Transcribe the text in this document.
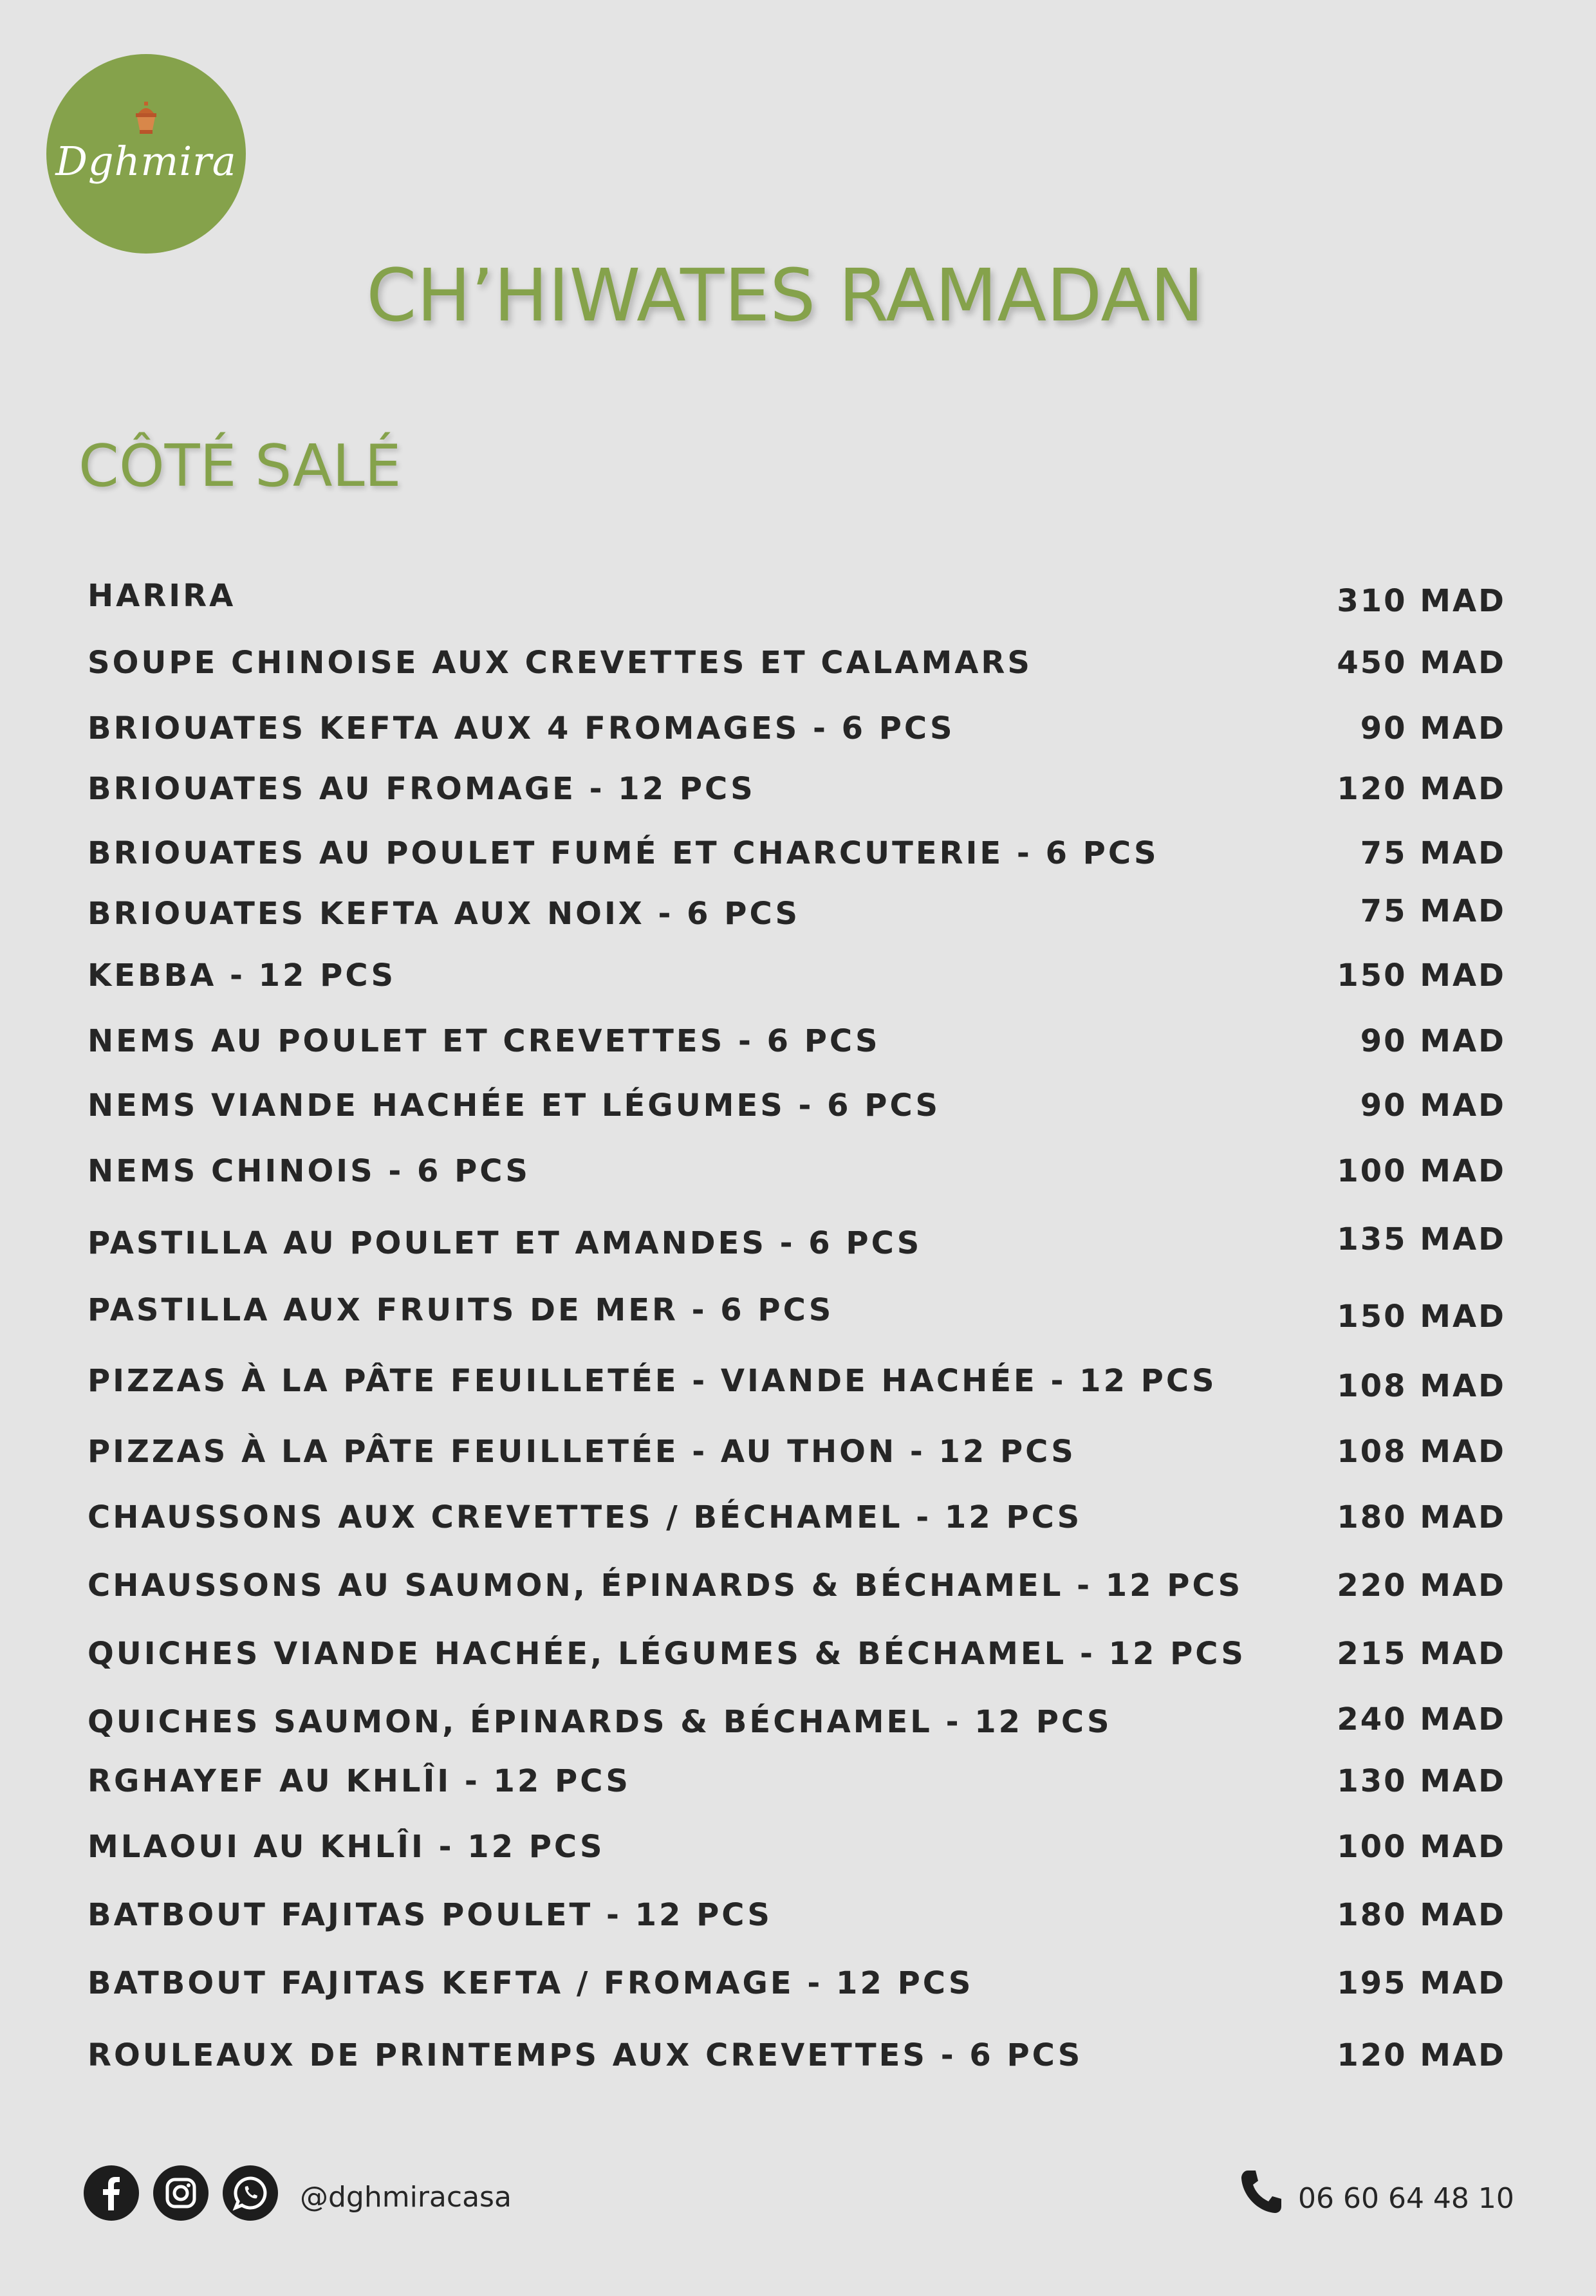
Dghmira
CH’HIWATES RAMADAN
CÔTÉ SALÉ
HARIRA	310 MAD
SOUPE CHINOISE AUX CREVETTES ET CALAMARS	450 MAD
BRIOUATES KEFTA AUX 4 FROMAGES - 6 PCS	90 MAD
BRIOUATES AU FROMAGE - 12 PCS	120 MAD
BRIOUATES AU POULET FUMÉ ET CHARCUTERIE - 6 PCS	75 MAD
BRIOUATES KEFTA AUX NOIX - 6 PCS	75 MAD
KEBBA - 12 PCS	150 MAD
NEMS AU POULET ET CREVETTES - 6 PCS	90 MAD
NEMS VIANDE HACHÉE ET LÉGUMES - 6 PCS	90 MAD
NEMS CHINOIS - 6 PCS	100 MAD
PASTILLA AU POULET ET AMANDES - 6 PCS	135 MAD
PASTILLA AUX FRUITS DE MER - 6 PCS	150 MAD
PIZZAS À LA PÂTE FEUILLETÉE - VIANDE HACHÉE - 12 PCS	108 MAD
PIZZAS À LA PÂTE FEUILLETÉE - AU THON - 12 PCS	108 MAD
CHAUSSONS AUX CREVETTES / BÉCHAMEL - 12 PCS	180 MAD
CHAUSSONS AU SAUMON, ÉPINARDS & BÉCHAMEL - 12 PCS	220 MAD
QUICHES VIANDE HACHÉE, LÉGUMES & BÉCHAMEL - 12 PCS	215 MAD
QUICHES SAUMON, ÉPINARDS & BÉCHAMEL - 12 PCS	240 MAD
RGHAYEF AU KHLÎI - 12 PCS	130 MAD
MLAOUI AU KHLÎI - 12 PCS	100 MAD
BATBOUT FAJITAS POULET - 12 PCS	180 MAD
BATBOUT FAJITAS KEFTA / FROMAGE - 12 PCS	195 MAD
ROULEAUX DE PRINTEMPS AUX CREVETTES - 6 PCS	120 MAD
@dghmiracasa	06 60 64 48 10
